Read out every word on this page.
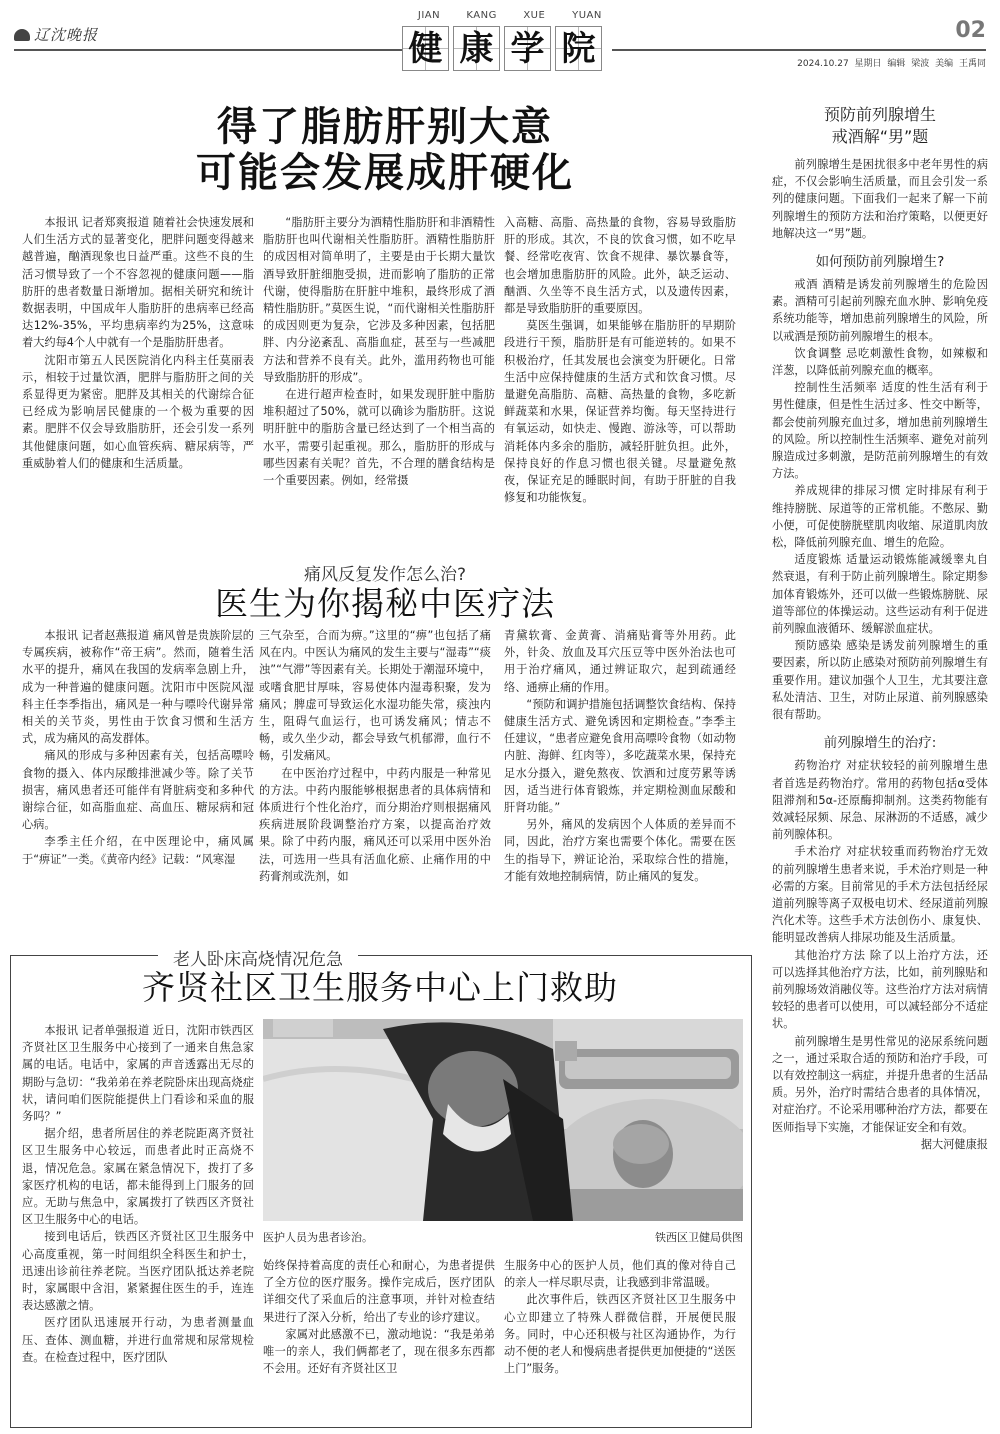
辽沈晚报
JIAN	KANG	XUE	YUAN
健 康 学 院	02
2024.10.27 星期日 编辑 梁波 美编 王禹同
得了脂肪肝别大意
可能会发展成肝硬化

本报讯 记者郑爽报道 随着社会快速发展和人们生活方式的显著变化，肥胖问题变得越来越普遍，酗酒现象也日益严重。这些不良的生活习惯导致了一个不容忽视的健康问题——脂肪肝的患者数量日渐增加。据相关研究和统计数据表明，中国成年人脂肪肝的患病率已经高达12%-35%，平均患病率约为25%，这意味着大约每4个人中就有一个是脂肪肝患者。

沈阳市第五人民医院消化内科主任莫丽表示，相较于过量饮酒，肥胖与脂肪肝之间的关系显得更为紧密。肥胖及其相关的代谢综合征已经成为影响居民健康的一个极为重要的因素。肥胖不仅会导致脂肪肝，还会引发一系列其他健康问题，如心血管疾病、糖尿病等，严重威胁着人们的健康和生活质量。

“脂肪肝主要分为酒精性脂肪肝和非酒精性脂肪肝也叫代谢相关性脂肪肝。酒精性脂肪肝的成因相对简单明了，主要是由于长期大量饮酒导致肝脏细胞受损，进而影响了脂肪的正常代谢，使得脂肪在肝脏中堆积，最终形成了酒精性脂肪肝。”莫医生说，“而代谢相关性脂肪肝的成因则更为复杂，它涉及多种因素，包括肥胖、内分泌紊乱、高脂血症，甚至与一些减肥方法和营养不良有关。此外，滥用药物也可能导致脂肪肝的形成”。

在进行超声检查时，如果发现肝脏中脂肪堆积超过了50%，就可以确诊为脂肪肝。这说明肝脏中的脂肪含量已经达到了一个相当高的水平，需要引起重视。那么，脂肪肝的形成与哪些因素有关呢？首先，不合理的膳食结构是一个重要因素。例如，经常摄

入高糖、高脂、高热量的食物，容易导致脂肪肝的形成。其次，不良的饮食习惯，如不吃早餐、经常吃夜宵、饮食不规律、暴饮暴食等，也会增加患脂肪肝的风险。此外，缺乏运动、酗酒、久坐等不良生活方式，以及遗传因素，都是导致脂肪肝的重要原因。

莫医生强调，如果能够在脂肪肝的早期阶段进行干预，脂肪肝是有可能逆转的。如果不积极治疗，任其发展也会演变为肝硬化。日常生活中应保持健康的生活方式和饮食习惯。尽量避免高脂肪、高糖、高热量的食物，多吃新鲜蔬菜和水果，保证营养均衡。每天坚持进行有氧运动，如快走、慢跑、游泳等，可以帮助消耗体内多余的脂肪，减轻肝脏负担。此外，保持良好的作息习惯也很关键。尽量避免熬夜，保证充足的睡眠时间，有助于肝脏的自我修复和功能恢复。

痛风反复发作怎么治?
医生为你揭秘中医疗法

本报讯 记者赵燕报道 痛风曾是贵族阶层的专属疾病，被称作“帝王病”。然而，随着生活水平的提升，痛风在我国的发病率急剧上升，成为一种普遍的健康问题。沈阳市中医院风湿科主任李季指出，痛风是一种与嘌呤代谢异常相关的关节炎，男性由于饮食习惯和生活方式，成为痛风的高发群体。

痛风的形成与多种因素有关，包括高嘌呤食物的摄入、体内尿酸排泄减少等。除了关节损害，痛风患者还可能伴有肾脏病变和多种代谢综合征，如高脂血症、高血压、糖尿病和冠心病。

李季主任介绍，在中医理论中，痛风属于“痹证”一类。《黄帝内经》记载：“风寒湿

三气杂至，合而为痹。”这里的“痹”也包括了痛风在内。中医认为痛风的发生主要与“湿毒”“痰浊”“气滞”等因素有关。长期处于潮湿环境中，或嗜食肥甘厚味，容易使体内湿毒积聚，发为痛风；脾虚可导致运化水湿功能失常，痰浊内生，阻碍气血运行，也可诱发痛风；情志不畅，或久坐少动，都会导致气机郁滞，血行不畅，引发痛风。

在中医治疗过程中，中药内服是一种常见的方法。中药内服能够根据患者的具体病情和体质进行个性化治疗，而分期治疗则根据痛风疾病进展阶段调整治疗方案，以提高治疗效果。除了中药内服，痛风还可以采用中医外治法，可选用一些具有活血化瘀、止痛作用的中药膏剂或洗剂，如

青黛软膏、金黄膏、消痛贴膏等外用药。此外，针灸、放血及耳穴压豆等中医外治法也可用于治疗痛风，通过辨证取穴，起到疏通经络、通痹止痛的作用。

“预防和调护措施包括调整饮食结构、保持健康生活方式、避免诱因和定期检查。”李季主任建议，“患者应避免食用高嘌呤食物（如动物内脏、海鲜、红肉等），多吃蔬菜水果，保持充足水分摄入，避免熬夜、饮酒和过度劳累等诱因，适当进行体育锻炼，并定期检测血尿酸和肝肾功能。”

另外，痛风的发病因个人体质的差异而不同，因此，治疗方案也需要个体化。需要在医生的指导下，辨证论治，采取综合性的措施，才能有效地控制病情，防止痛风的复发。

老人卧床高烧情况危急
齐贤社区卫生服务中心上门救助

本报讯 记者单强报道 近日，沈阳市铁西区齐贤社区卫生服务中心接到了一通来自焦急家属的电话。电话中，家属的声音透露出无尽的期盼与急切：“我弟弟在养老院卧床出现高烧症状，请问咱们医院能提供上门看诊和采血的服务吗？”

据介绍，患者所居住的养老院距离齐贤社区卫生服务中心较远，而患者此时正高烧不退，情况危急。家属在紧急情况下，拨打了多家医疗机构的电话，都未能得到上门服务的回应。无助与焦急中，家属拨打了铁西区齐贤社区卫生服务中心的电话。

接到电话后，铁西区齐贤社区卫生服务中心高度重视，第一时间组织全科医生和护士，迅速出诊前往养老院。当医疗团队抵达养老院时，家属眼中含泪，紧紧握住医生的手，连连表达感激之情。

医疗团队迅速展开行动，为患者测量血压、查体、测血糖，并进行血常规和尿常规检查。在检查过程中，医疗团队

医护人员为患者诊治。	铁西区卫健局供图

始终保持着高度的责任心和耐心，为患者提供了全方位的医疗服务。操作完成后，医疗团队详细交代了采血后的注意事项，并针对检查结果进行了深入分析，给出了专业的诊疗建议。

家属对此感激不已，激动地说：“我是弟弟唯一的亲人，我们俩都老了，现在很多东西都不会用。还好有齐贤社区卫

生服务中心的医护人员，他们真的像对待自己的亲人一样尽职尽责，让我感到非常温暖。

此次事件后，铁西区齐贤社区卫生服务中心立即建立了特殊人群微信群，开展便民服务。同时，中心还积极与社区沟通协作，为行动不便的老人和慢病患者提供更加便捷的“送医上门”服务。

预防前列腺增生
戒酒解“男”题

前列腺增生是困扰很多中老年男性的病症，不仅会影响生活质量，而且会引发一系列的健康问题。下面我们一起来了解一下前列腺增生的预防方法和治疗策略，以便更好地解决这一“男”题。

如何预防前列腺增生?

戒酒 酒精是诱发前列腺增生的危险因素。酒精可引起前列腺充血水肿、影响免疫系统功能等，增加患前列腺增生的风险，所以戒酒是预防前列腺增生的根本。

饮食调整 忌吃刺激性食物，如辣椒和洋葱，以降低前列腺充血的概率。

控制性生活频率 适度的性生活有利于男性健康，但是性生活过多、性交中断等，都会使前列腺充血过多，增加患前列腺增生的风险。所以控制性生活频率、避免对前列腺造成过多刺激，是防范前列腺增生的有效方法。

养成规律的排尿习惯 定时排尿有利于维持膀胱、尿道等的正常机能。不憋尿、勤小便，可促使膀胱壁肌肉收缩、尿道肌肉放松，降低前列腺充血、增生的危险。

适度锻炼 适量运动锻炼能减缓睾丸自然衰退，有利于防止前列腺增生。除定期参加体育锻炼外，还可以做一些锻炼膀胱、尿道等部位的体操运动。这些运动有利于促进前列腺血液循环、缓解淤血症状。

预防感染 感染是诱发前列腺增生的重要因素，所以防止感染对预防前列腺增生有重要作用。建议加强个人卫生，尤其要注意私处清洁、卫生，对防止尿道、前列腺感染很有帮助。

前列腺增生的治疗:

药物治疗 对症状较轻的前列腺增生患者首选是药物治疗。常用的药物包括α受体阻滞剂和5α-还原酶抑制剂。这类药物能有效减轻尿频、尿急、尿淋沥的不适感，减少前列腺体积。

手术治疗 对症状较重而药物治疗无效的前列腺增生患者来说，手术治疗则是一种必需的方案。目前常见的手术方法包括经尿道前列腺等离子双极电切术、经尿道前列腺汽化术等。这些手术方法创伤小、康复快、能明显改善病人排尿功能及生活质量。

其他治疗方法 除了以上治疗方法，还可以选择其他治疗方法，比如，前列腺贴和前列腺场效消融仪等。这些治疗方法对病情较轻的患者可以使用，可以减轻部分不适症状。

前列腺增生是男性常见的泌尿系统问题之一，通过采取合适的预防和治疗手段，可以有效控制这一病症，并提升患者的生活品质。另外，治疗时需结合患者的具体情况，对症治疗。不论采用哪种治疗方法，都要在医师指导下实施，才能保证安全和有效。

据大河健康报
